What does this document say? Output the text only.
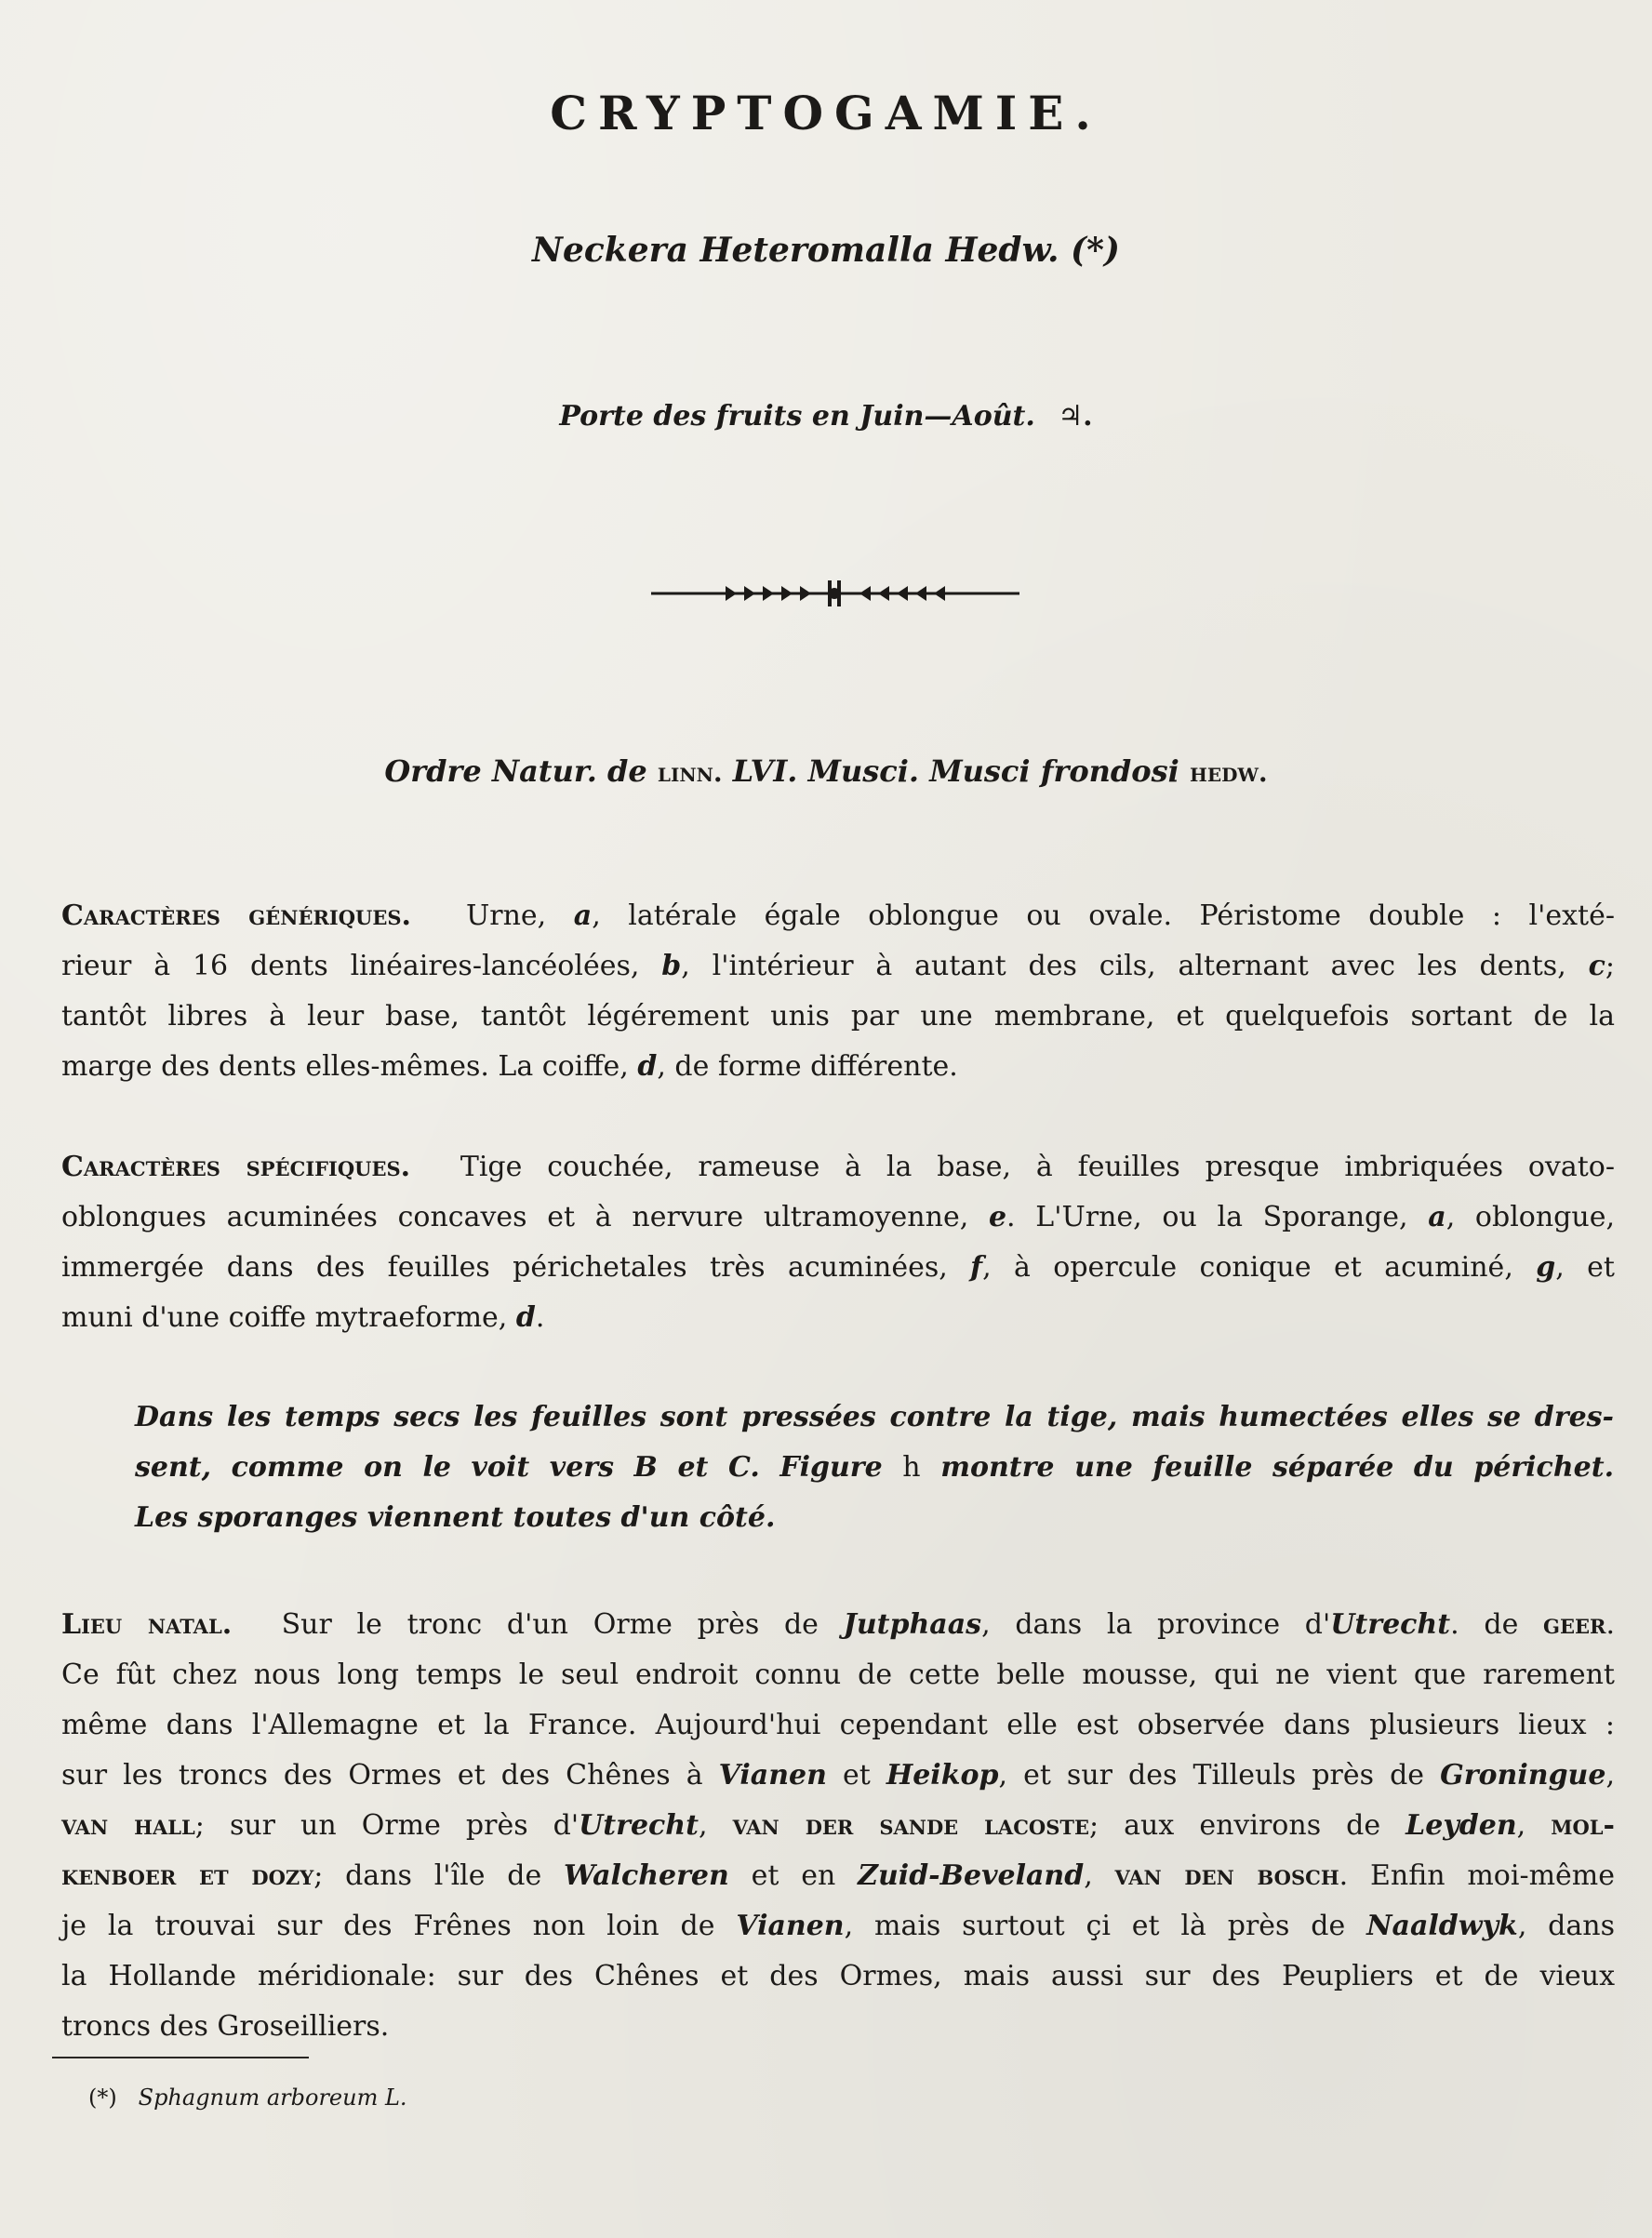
CRYPTOGAMIE.
Neckera Heteromalla Hedw. (*)
Porte des fruits en Juin—Août. ♃.
Ordre Natur. de linn. LVI. Musci. Musci frondosi hedw.
Caractères génériques. Urne, a, latérale égale oblongue ou ovale. Péristome double : l'exté-
rieur à 16 dents linéaires-lancéolées, b, l'intérieur à autant des cils, alternant avec les dents, c;
tantôt libres à leur base, tantôt légérement unis par une membrane, et quelquefois sortant de la
marge des dents elles-mêmes. La coiffe, d, de forme différente.
Caractères spécifiques. Tige couchée, rameuse à la base, à feuilles presque imbriquées ovato-
oblongues acuminées concaves et à nervure ultramoyenne, e. L'Urne, ou la Sporange, a, oblongue,
immergée dans des feuilles périchetales très acuminées, f, à opercule conique et acuminé, g, et
muni d'une coiffe mytraeforme, d.
Dans les temps secs les feuilles sont pressées contre la tige, mais humectées elles se dres-
sent, comme on le voit vers B et C. Figure h montre une feuille séparée du périchet.
Les sporanges viennent toutes d'un côté.
Lieu natal. Sur le tronc d'un Orme près de Jutphaas, dans la province d'Utrecht. de geer.
Ce fût chez nous long temps le seul endroit connu de cette belle mousse, qui ne vient que rarement
même dans l'Allemagne et la France. Aujourd'hui cependant elle est observée dans plusieurs lieux :
sur les troncs des Ormes et des Chênes à Vianen et Heikop, et sur des Tilleuls près de Groningue,
van hall; sur un Orme près d'Utrecht, van der sande lacoste; aux environs de Leyden, mol-
kenboer et dozy; dans l'île de Walcheren et en Zuid-Beveland, van den bosch. Enfin moi-même
je la trouvai sur des Frênes non loin de Vianen, mais surtout çi et là près de Naaldwyk, dans
la Hollande méridionale: sur des Chênes et des Ormes, mais aussi sur des Peupliers et de vieux
troncs des Groseilliers.
(*) Sphagnum arboreum L.
